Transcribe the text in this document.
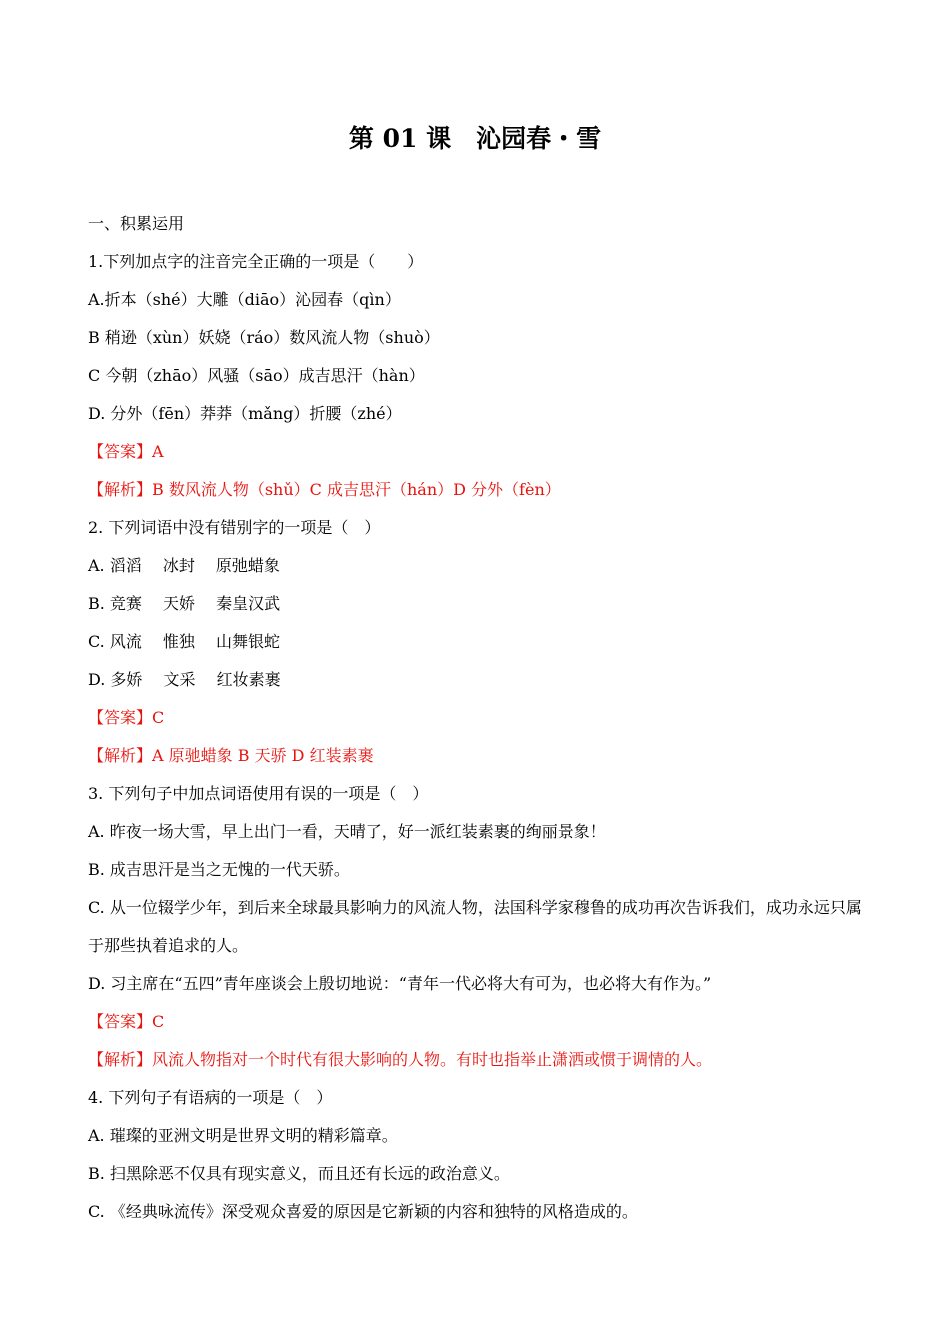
第 01 课　沁园春・雪
一、积累运用
1.下列加点字的注音完全正确的一项是（　　）
A.折本（shé）大雕（diāo）沁园春（qìn）
B 稍逊（xùn）妖娆（ráo）数风流人物（shuò）
C 今朝（zhāo）风骚（sāo）成吉思汗（hàn）
D. 分外（fēn）莽莽（mǎng）折腰（zhé）
【答案】A
【解析】B 数风流人物（shǔ）C 成吉思汗（hán）D 分外（fèn）
2. 下列词语中没有错别字的一项是（　）
A. 滔滔　 冰封　 原弛蜡象
B. 竞赛　 天娇　 秦皇汉武
C. 风流　 惟独　 山舞银蛇
D. 多娇　 文采　 红妆素裹
【答案】C
【解析】A 原驰蜡象 B 天骄 D 红装素裹
3. 下列句子中加点词语使用有误的一项是（　）
A. 昨夜一场大雪，早上出门一看，天晴了，好一派红装素裹的绚丽景象！
B. 成吉思汗是当之无愧的一代天骄。
C. 从一位辍学少年，到后来全球最具影响力的风流人物，法国科学家穆鲁的成功再次告诉我们，成功永远只属于那些执着追求的人。
D. 习主席在“五四”青年座谈会上殷切地说：“青年一代必将大有可为，也必将大有作为。”
【答案】C
【解析】风流人物指对一个时代有很大影响的人物。有时也指举止潇洒或惯于调情的人。
4. 下列句子有语病的一项是（　）
A. 璀璨的亚洲文明是世界文明的精彩篇章。
B. 扫黑除恶不仅具有现实意义，而且还有长远的政治意义。
C. 《经典咏流传》深受观众喜爱的原因是它新颖的内容和独特的风格造成的。
